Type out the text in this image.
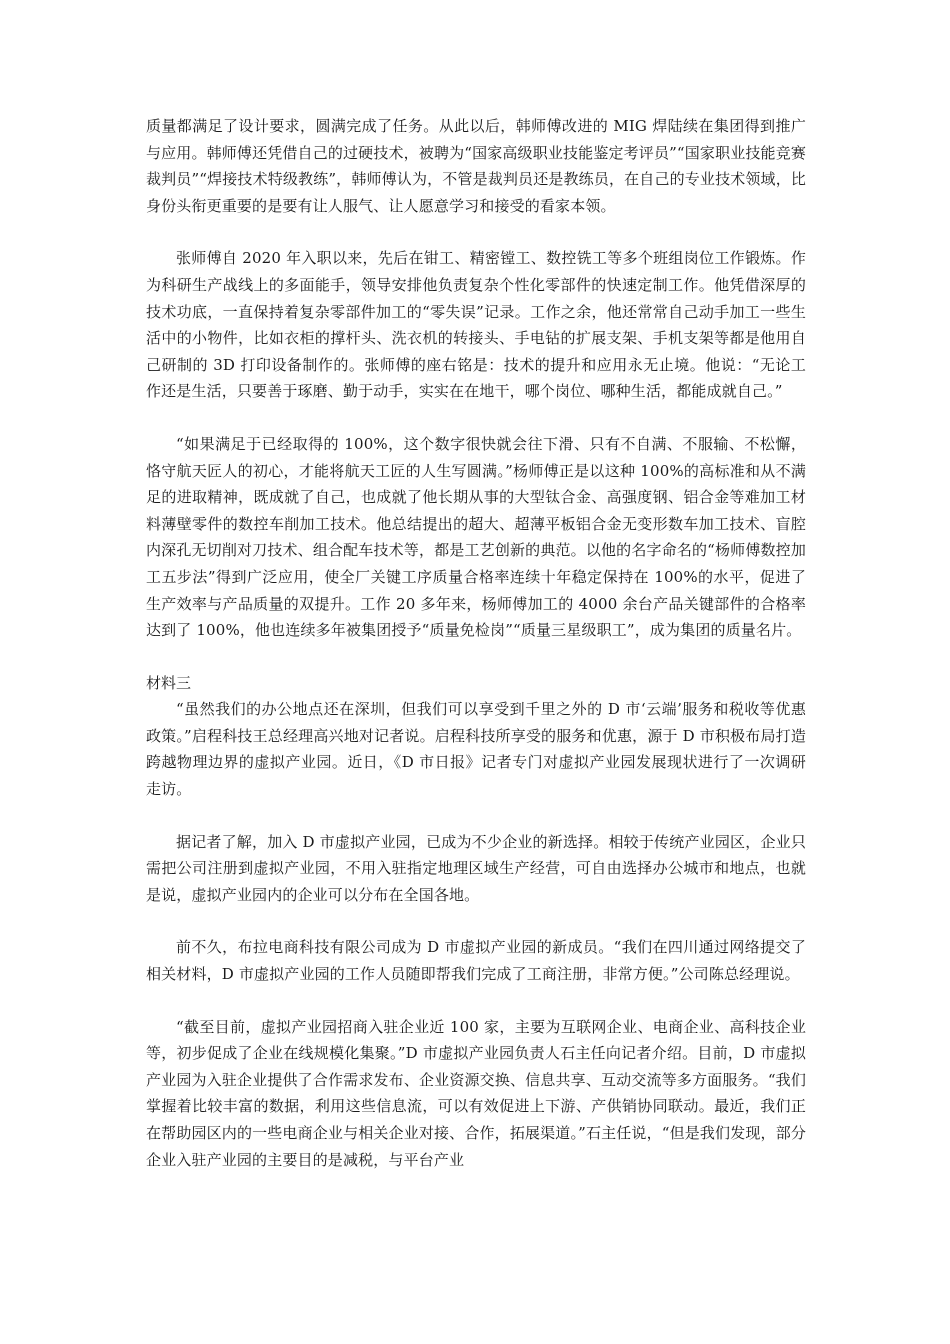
质量都满足了设计要求，圆满完成了任务。从此以后，韩师傅改进的 MIG 焊陆续在集团得到推广与应用。韩师傅还凭借自己的过硬技术，被聘为“国家高级职业技能鉴定考评员”“国家职业技能竞赛裁判员”“焊接技术特级教练”，韩师傅认为，不管是裁判员还是教练员，在自己的专业技术领域，比身份头衔更重要的是要有让人服气、让人愿意学习和接受的看家本领。

张师傅自 2020 年入职以来，先后在钳工、精密镗工、数控铣工等多个班组岗位工作锻炼。作为科研生产战线上的多面能手，领导安排他负责复杂个性化零部件的快速定制工作。他凭借深厚的技术功底，一直保持着复杂零部件加工的“零失误”记录。工作之余，他还常常自己动手加工一些生活中的小物件，比如衣柜的撑杆头、洗衣机的转接头、手电钻的扩展支架、手机支架等都是他用自己研制的 3D 打印设备制作的。张师傅的座右铭是：技术的提升和应用永无止境。他说：“无论工作还是生活，只要善于琢磨、勤于动手，实实在在地干，哪个岗位、哪种生活，都能成就自己。”

“如果满足于已经取得的 100%，这个数字很快就会往下滑、只有不自满、不服输、不松懈，恪守航天匠人的初心，才能将航天工匠的人生写圆满。”杨师傅正是以这种 100%的高标准和从不满足的进取精神，既成就了自己，也成就了他长期从事的大型钛合金、高强度钢、铝合金等难加工材料薄壁零件的数控车削加工技术。他总结提出的超大、超薄平板铝合金无变形数车加工技术、盲腔内深孔无切削对刀技术、组合配车技术等，都是工艺创新的典范。以他的名字命名的“杨师傅数控加工五步法”得到广泛应用，使全厂关键工序质量合格率连续十年稳定保持在 100%的水平，促进了生产效率与产品质量的双提升。工作 20 多年来，杨师傅加工的 4000 余台产品关键部件的合格率达到了 100%，他也连续多年被集团授予“质量免检岗”“质量三星级职工”，成为集团的质量名片。

材料三

“虽然我们的办公地点还在深圳，但我们可以享受到千里之外的 D 市‘云端’服务和税收等优惠政策。”启程科技王总经理高兴地对记者说。启程科技所享受的服务和优惠，源于 D 市积极布局打造跨越物理边界的虚拟产业园。近日，《D 市日报》记者专门对虚拟产业园发展现状进行了一次调研走访。

据记者了解，加入 D 市虚拟产业园，已成为不少企业的新选择。相较于传统产业园区，企业只需把公司注册到虚拟产业园，不用入驻指定地理区域生产经营，可自由选择办公城市和地点，也就是说，虚拟产业园内的企业可以分布在全国各地。

前不久，布拉电商科技有限公司成为 D 市虚拟产业园的新成员。“我们在四川通过网络提交了相关材料，D 市虚拟产业园的工作人员随即帮我们完成了工商注册，非常方便。”公司陈总经理说。

“截至目前，虚拟产业园招商入驻企业近 100 家，主要为互联网企业、电商企业、高科技企业等，初步促成了企业在线规模化集聚。”D 市虚拟产业园负责人石主任向记者介绍。目前，D 市虚拟产业园为入驻企业提供了合作需求发布、企业资源交换、信息共享、互动交流等多方面服务。“我们掌握着比较丰富的数据，利用这些信息流，可以有效促进上下游、产供销协同联动。最近，我们正在帮助园区内的一些电商企业与相关企业对接、合作，拓展渠道。”石主任说，“但是我们发现，部分企业入驻产业园的主要目的是减税，与平台产业
